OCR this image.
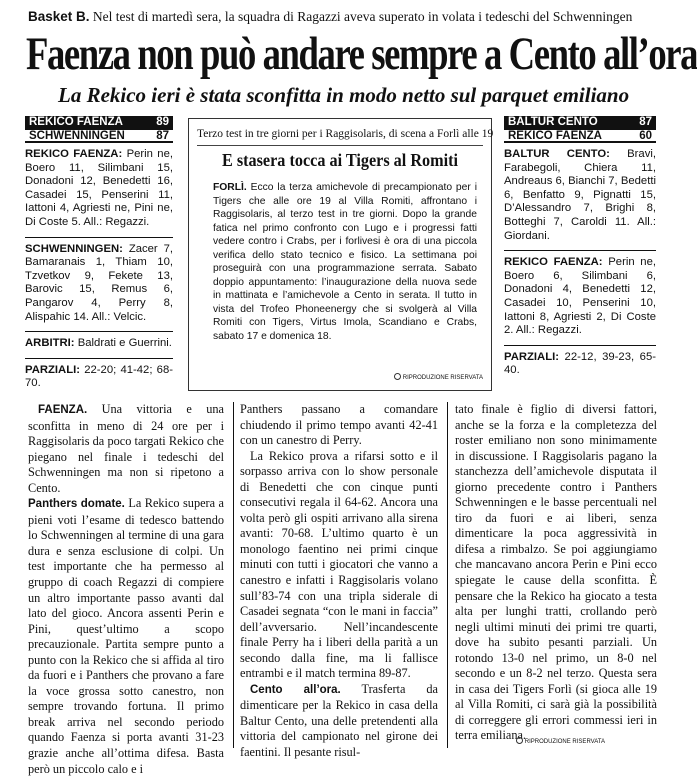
Basket B. Nel test di martedì sera, la squadra di Ragazzi aveva superato in volata i tedeschi del Schwenningen
Faenza non può andare sempre a Cento all’ora
La Rekico ieri è stata sconfitta in modo netto sul parquet emiliano
REKICO FAENZA	89
SCHWENNINGEN	87
REKICO FAENZA: Perin ne, Boero 11, Silimbani 15, Donadoni 12, Benedetti 16, Casadei 15, Penserini 11, Iattoni 4, Agriesti ne, Pini ne, Di Coste 5. All.: Regazzi.
SCHWENNINGEN: Zacer 7, Bamaranais 1, Thiam 10, Tzvetkov 9, Fekete 13, Barovic 15, Remus 6, Pangarov 4, Perry 8, Alispahic 14. All.: Velcic.
ARBITRI: Baldrati e Guerrini.
PARZIALI: 22-20; 41-42; 68-70.
BALTUR CENTO	87
REKICO FAENZA	60
BALTUR CENTO: Bravi, Farabegoli, Chiera 11, Andreaus 6, Bianchi 7, Bedetti 6, Benfatto 9, Pignatti 15, D’Alessandro 7, Brighi 8, Botteghi 7, Caroldi 11. All.: Giordani.
REKICO FAENZA: Perin ne, Boero 6, Silimbani 6, Donadoni 4, Benedetti 12, Casadei 10, Penserini 10, Iattoni 8, Agriesti 2, Di Coste 2. All.: Regazzi.
PARZIALI: 22-12, 39-23, 65-40.
Terzo test in tre giorni per i Raggisolaris, di scena a Forlì alle 19
E stasera tocca ai Tigers al Romiti
FORLÌ. Ecco la terza amichevole di precampionato per i Tigers che alle ore 19 al Villa Romiti, affrontano i Raggisolaris, al terzo test in tre giorni. Dopo la grande fatica nel primo confronto con Lugo e i progressi fatti vedere contro i Crabs, per i forlivesi è ora di una piccola verifica dello stato tecnico e fisico. La settimana poi proseguirà con una programmazione serrata. Sabato doppio appuntamento: l’inaugurazione della nuova sede in mattinata e l’amichevole a Cento in serata. Il tutto in vista del Trofeo Phoneenergy che si svolgerà al Villa Romiti con Tigers, Virtus Imola, Scandiano e Crabs, sabato 17 e domenica 18.
RIPRODUZIONE RISERVATA
FAENZA. Una vittoria e una sconfitta in meno di 24 ore per i Raggisolaris da poco targati Rekico che piegano nel finale i tedeschi del Schwenningen ma non si ripetono a Cento.
Panthers domate. La Rekico supera a pieni voti l’esame di tedesco battendo lo Schwenningen al termine di una gara dura e senza esclusione di colpi. Un test importante che ha permesso al gruppo di coach Regazzi di compiere un altro importante passo avanti dal lato del gioco. Ancora assenti Perin e Pini, quest’ultimo a scopo precauzionale. Partita sempre punto a punto con la Rekico che si affida al tiro da fuori e i Panthers che provano a fare la voce grossa sotto canestro, non sempre trovando fortuna. Il primo break arriva nel secondo periodo quando Faenza si porta avanti 31-23 grazie anche all’ottima difesa. Basta però un piccolo calo e i
Panthers passano a comandare chiudendo il primo tempo avanti 42-41 con un canestro di Perry.
La Rekico prova a rifarsi sotto e il sorpasso arriva con lo show personale di Benedetti che con cinque punti consecutivi regala il 64-62. Ancora una volta però gli ospiti arrivano alla sirena avanti: 70-68. L’ultimo quarto è un monologo faentino nei primi cinque minuti con tutti i giocatori che vanno a canestro e infatti i Raggisolaris volano sull’83-74 con una tripla siderale di Casadei segnata “con le mani in faccia” dell’avversario. Nell’incandescente finale Perry ha i liberi della parità a un secondo dalla fine, ma li fallisce entrambi e il match termina 89-87.
Cento all’ora. Trasferta da dimenticare per la Rekico in casa della Baltur Cento, una delle pretendenti alla vittoria del campionato nel girone dei faentini. Il pesante risul-
tato finale è figlio di diversi fattori, anche se la forza e la completezza del roster emiliano non sono minimamente in discussione. I Raggisolaris pagano la stanchezza dell’amichevole disputata il giorno precedente contro i Panthers Schwenningen e le basse percentuali nel tiro da fuori e ai liberi, senza dimenticare la poca aggressività in difesa a rimbalzo. Se poi aggiungiamo che mancavano ancora Perin e Pini ecco spiegate le cause della sconfitta. È pensare che la Rekico ha giocato a testa alta per lunghi tratti, crollando però negli ultimi minuti dei primi tre quarti, dove ha subito pesanti parziali. Un rotondo 13-0 nel primo, un 8-0 nel secondo e un 8-2 nel terzo. Questa sera in casa dei Tigers Forlì (si gioca alle 19 al Villa Romiti, ci sarà già la possibilità di correggere gli errori commessi ieri in terra emiliana.
RIPRODUZIONE RISERVATA
